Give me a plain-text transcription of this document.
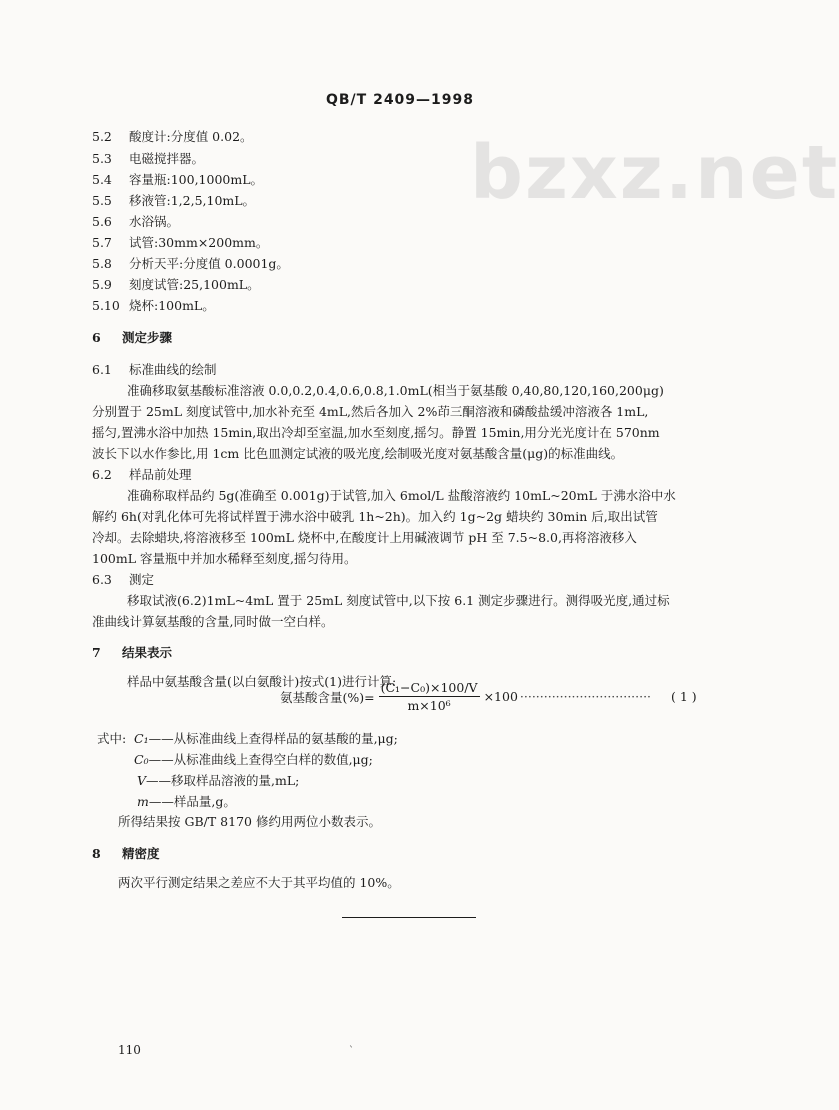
QB/T 2409—1998
bzxz.net
5.2 酸度计:分度值 0.02。
5.3 电磁搅拌器。
5.4 容量瓶:100,1000mL。
5.5 移液管:1,2,5,10mL。
5.6 水浴锅。
5.7 试管:30mm×200mm。
5.8 分析天平:分度值 0.0001g。
5.9 刻度试管:25,100mL。
5.10 烧杯:100mL。
6 测定步骤
6.1 标准曲线的绘制
准确移取氨基酸标准溶液 0.0,0.2,0.4,0.6,0.8,1.0mL(相当于氨基酸 0,40,80,120,160,200μg)
分别置于 25mL 刻度试管中,加水补充至 4mL,然后各加入 2%茚三酮溶液和磷酸盐缓冲溶液各 1mL,
摇匀,置沸水浴中加热 15min,取出冷却至室温,加水至刻度,摇匀。静置 15min,用分光光度计在 570nm
波长下以水作参比,用 1cm 比色皿测定试液的吸光度,绘制吸光度对氨基酸含量(μg)的标准曲线。
6.2 样品前处理
准确称取样品约 5g(准确至 0.001g)于试管,加入 6mol/L 盐酸溶液约 10mL~20mL 于沸水浴中水
解约 6h(对乳化体可先将试样置于沸水浴中破乳 1h~2h)。加入约 1g~2g 蜡块约 30min 后,取出试管
冷却。去除蜡块,将溶液移至 100mL 烧杯中,在酸度计上用碱液调节 pH 至 7.5~8.0,再将溶液移入
100mL 容量瓶中并加水稀释至刻度,摇匀待用。
6.3 测定
移取试液(6.2)1mL~4mL 置于 25mL 刻度试管中,以下按 6.1 测定步骤进行。测得吸光度,通过标
准曲线计算氨基酸的含量,同时做一空白样。
7 结果表示
样品中氨基酸含量(以白氨酸计)按式(1)进行计算:
氨基酸含量(%)= $\frac{\text{(C₁−C₀)×100/V}}{\text{m×10⁶}} \times 100$ ································· ( 1 )
式中: C₁——从标准曲线上查得样品的氨基酸的量,μg;
C₀——从标准曲线上查得空白样的数值,μg;
V——移取样品溶液的量,mL;
m——样品量,g。
所得结果按 GB/T 8170 修约用两位小数表示。
8 精密度
两次平行测定结果之差应不大于其平均值的 10%。
110	`
